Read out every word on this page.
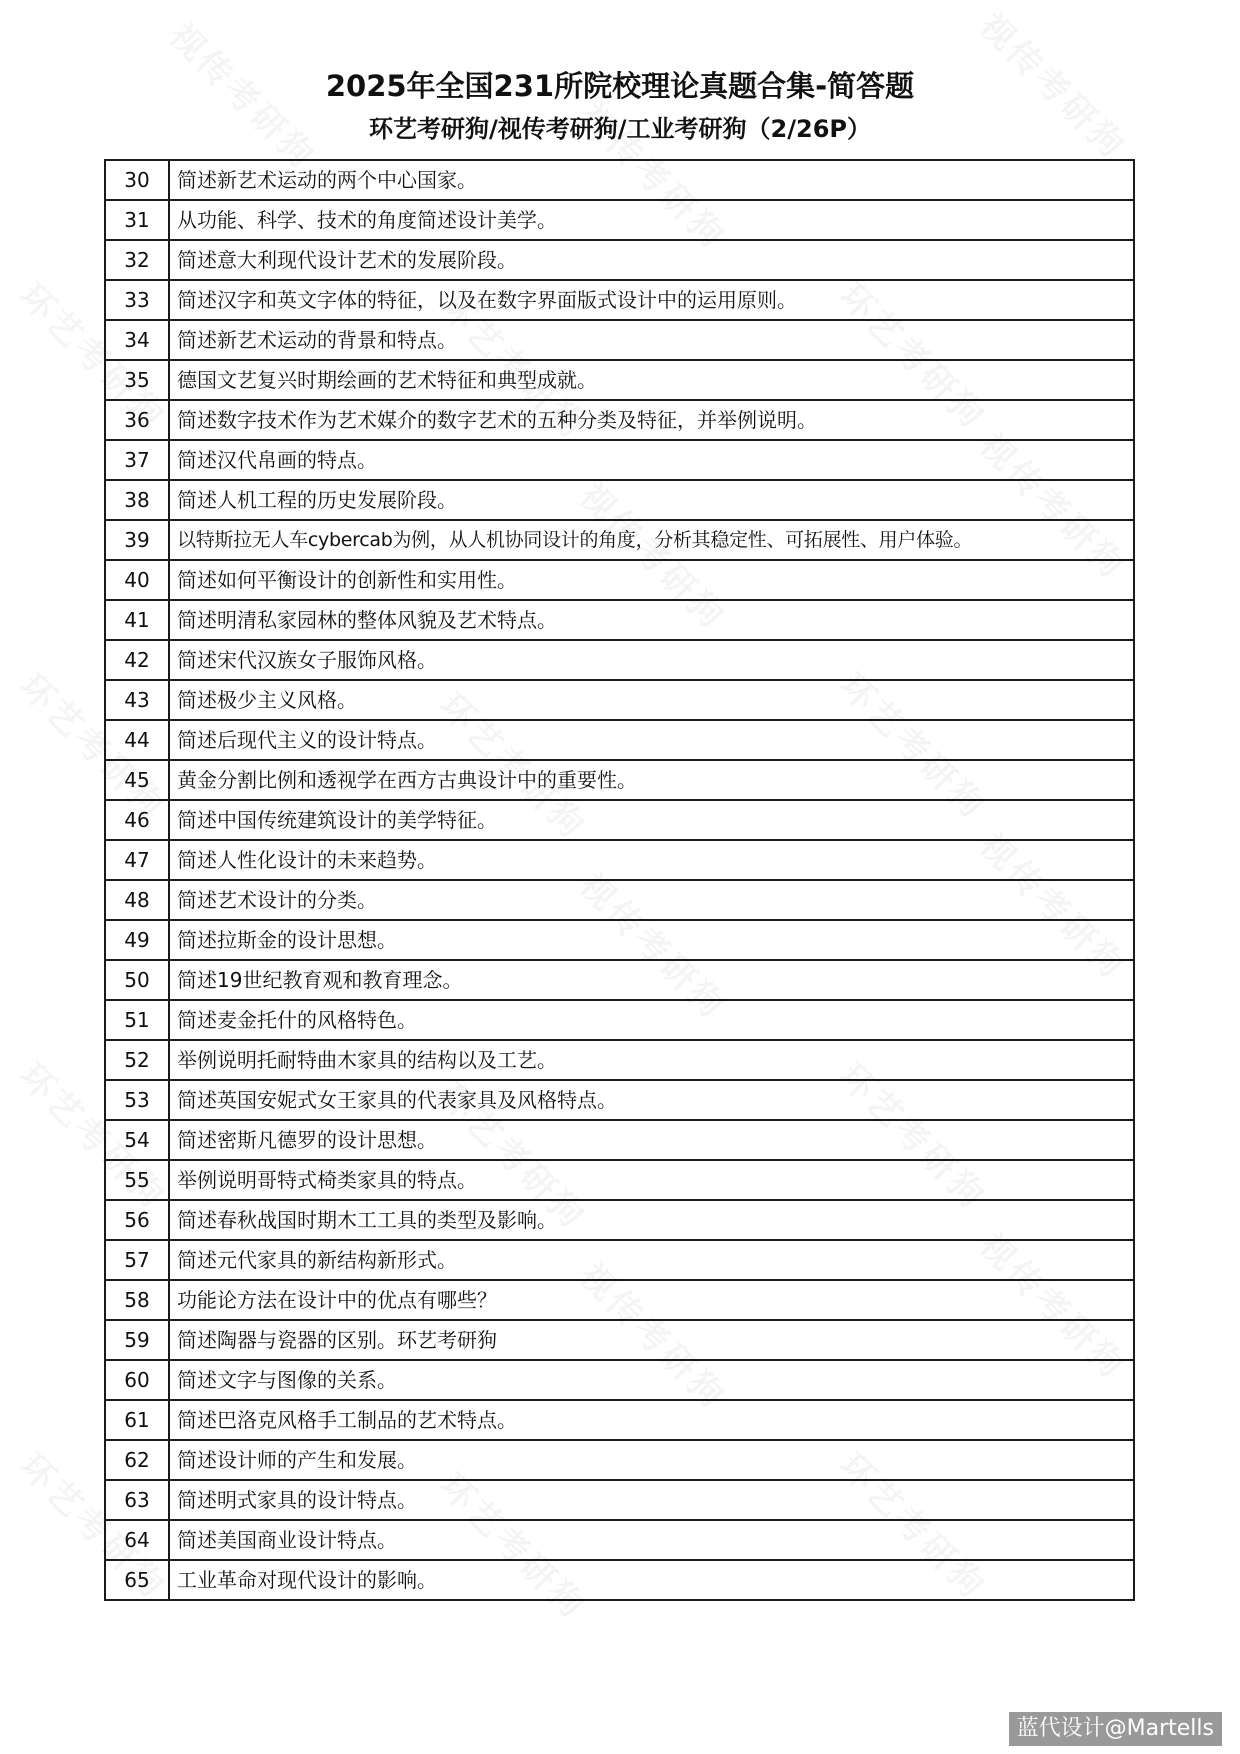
2025年全国231所院校理论真题合集-简答题
环艺考研狗/视传考研狗/工业考研狗（2/26P）
30	简述新艺术运动的两个中心国家。
31	从功能、科学、技术的角度简述设计美学。
32	简述意大利现代设计艺术的发展阶段。
33	简述汉字和英文字体的特征，以及在数字界面版式设计中的运用原则。
34	简述新艺术运动的背景和特点。
35	德国文艺复兴时期绘画的艺术特征和典型成就。
36	简述数字技术作为艺术媒介的数字艺术的五种分类及特征，并举例说明。
37	简述汉代帛画的特点。
38	简述人机工程的历史发展阶段。
39	以特斯拉无人车cybercab为例，从人机协同设计的角度，分析其稳定性、可拓展性、用户体验。
40	简述如何平衡设计的创新性和实用性。
41	简述明清私家园林的整体风貌及艺术特点。
42	简述宋代汉族女子服饰风格。
43	简述极少主义风格。
44	简述后现代主义的设计特点。
45	黄金分割比例和透视学在西方古典设计中的重要性。
46	简述中国传统建筑设计的美学特征。
47	简述人性化设计的未来趋势。
48	简述艺术设计的分类。
49	简述拉斯金的设计思想。
50	简述19世纪教育观和教育理念。
51	简述麦金托什的风格特色。
52	举例说明托耐特曲木家具的结构以及工艺。
53	简述英国安妮式女王家具的代表家具及风格特点。
54	简述密斯凡德罗的设计思想。
55	举例说明哥特式椅类家具的特点。
56	简述春秋战国时期木工工具的类型及影响。
57	简述元代家具的新结构新形式。
58	功能论方法在设计中的优点有哪些？
59	简述陶器与瓷器的区别。环艺考研狗
60	简述文字与图像的关系。
61	简述巴洛克风格手工制品的艺术特点。
62	简述设计师的产生和发展。
63	简述明式家具的设计特点。
64	简述美国商业设计特点。
65	工业革命对现代设计的影响。
蓝代设计@Martells
